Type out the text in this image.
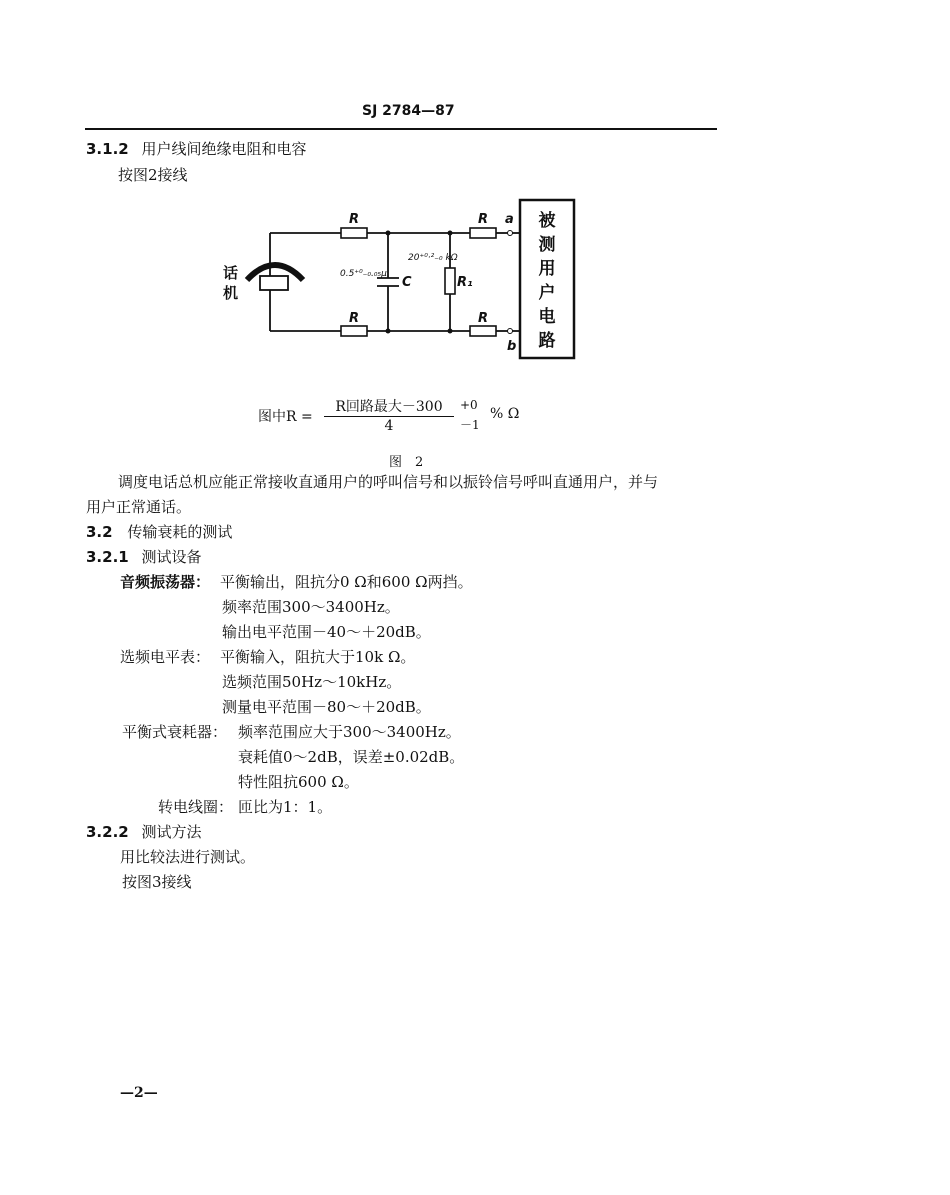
SJ 2784—87
3.1.2 用户线间绝缘电阻和电容
按图2接线
R
R
R
R
a
b
C	R₁
0.5⁺⁰₋₀.₀₅μ
20⁺⁰·²₋₀ kΩ
话
机
被
测
用
户
电
路
图中R =
R回路最大－300
4
+0
－1
% Ω
图　2
调度电话总机应能正常接收直通用户的呼叫信号和以振铃信号呼叫直通用户，并与
用户正常通话。
3.2 传输衰耗的测试
3.2.1 测试设备
音频振荡器： 平衡输出，阻抗分0 Ω和600 Ω两挡。
频率范围300～3400Hz。
输出电平范围－40～＋20dB。
选频电平表： 平衡输入，阻抗大于10k Ω。
选频范围50Hz～10kHz。
测量电平范围－80～＋20dB。
平衡式衰耗器： 频率范围应大于300～3400Hz。
衰耗值0～2dB，误差±0.02dB。
特性阻抗600 Ω。
转电线圈： 匝比为1：1。
3.2.2 测试方法
用比较法进行测试。
按图3接线
—2—
